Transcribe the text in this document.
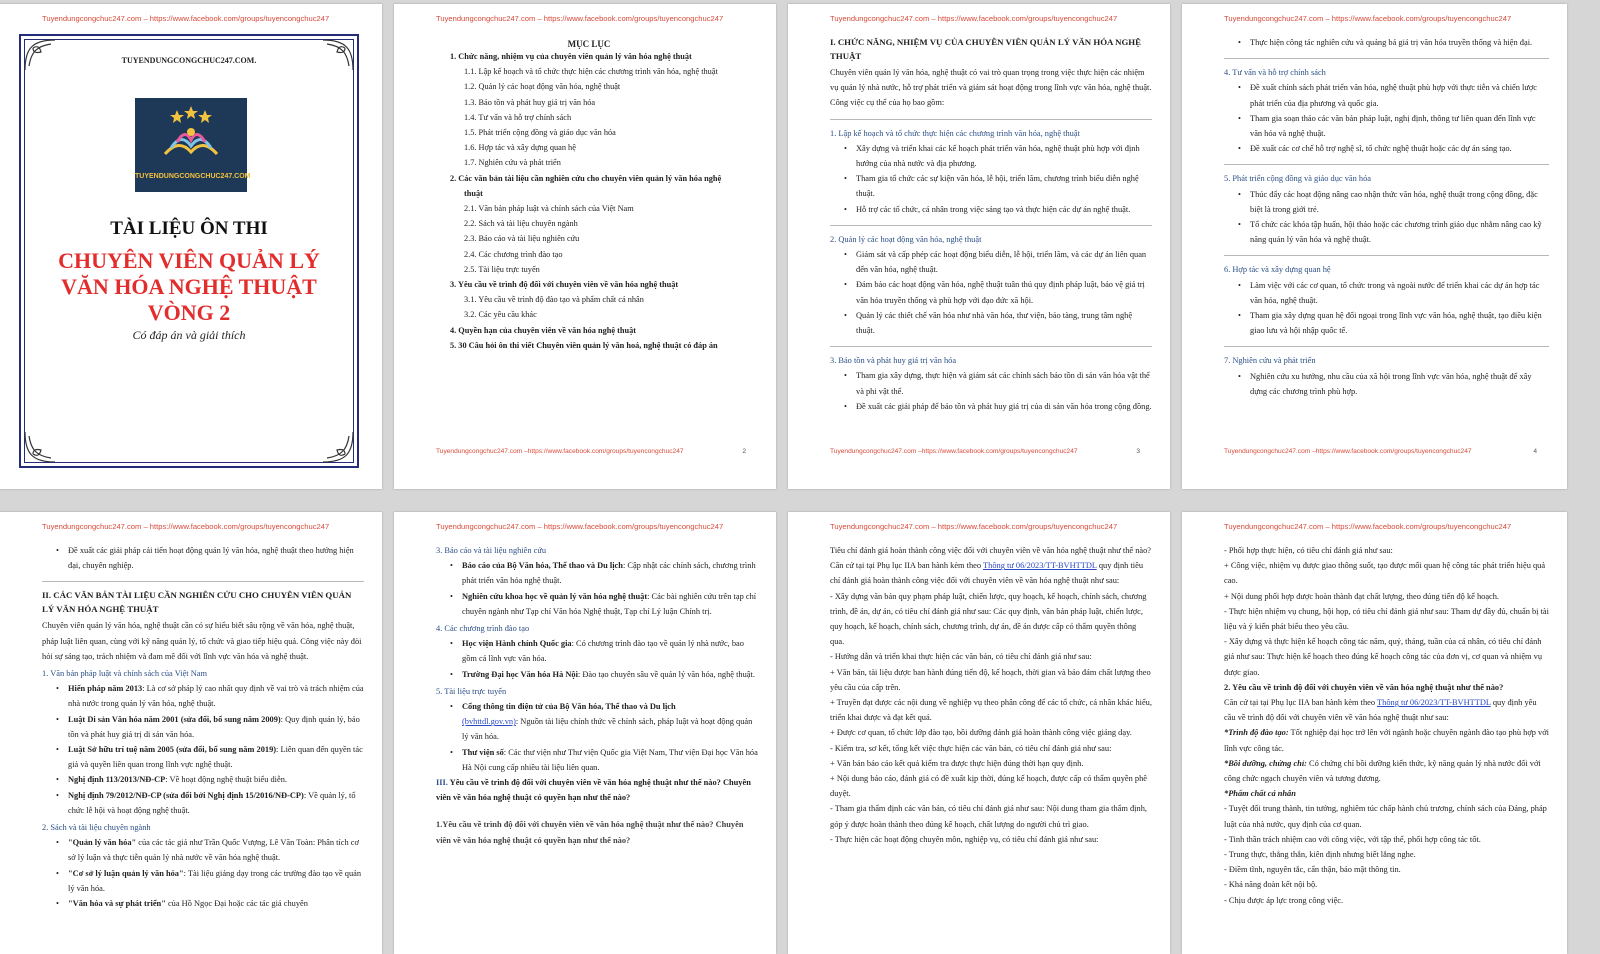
Tuyendungcongchuc247.com – https://www.facebook.com/groups/tuyencongchuc247
TUYENDUNGCONGCHUC247.COM.
TUYENDUNGCONGCHUC247.COM
TÀI LIỆU ÔN THI
CHUYÊN VIÊN QUẢN LÝ
VĂN HÓA NGHỆ THUẬT
VÒNG 2
Có đáp án và giải thích
Tuyendungcongchuc247.com – https://www.facebook.com/groups/tuyencongchuc247
MỤC LỤC
1. Chức năng, nhiệm vụ của chuyên viên quản lý văn hóa nghệ thuật
1.1. Lập kế hoạch và tổ chức thực hiện các chương trình văn hóa, nghệ thuật
1.2. Quản lý các hoạt động văn hóa, nghệ thuật
1.3. Bảo tồn và phát huy giá trị văn hóa
1.4. Tư vấn và hỗ trợ chính sách
1.5. Phát triển cộng đồng và giáo dục văn hóa
1.6. Hợp tác và xây dựng quan hệ
1.7. Nghiên cứu và phát triển
2. Các văn bản tài liệu cần nghiên cứu cho chuyên viên quản lý văn hóa nghệ thuật
2.1. Văn bản pháp luật và chính sách của Việt Nam
2.2. Sách và tài liệu chuyên ngành
2.3. Báo cáo và tài liệu nghiên cứu
2.4. Các chương trình đào tạo
2.5. Tài liệu trực tuyến
3. Yêu cầu về trình độ đối với chuyên viên về văn hóa nghệ thuật
3.1. Yêu cầu về trình độ đào tạo và phẩm chất cá nhân
3.2. Các yêu cầu khác
4. Quyền hạn của chuyên viên về văn hóa nghệ thuật
5. 30 Câu hỏi ôn thi viết Chuyên viên quản lý văn hoá, nghệ thuật có đáp án
Tuyendungcongchuc247.com –https://www.facebook.com/groups/tuyencongchuc247	2
Tuyendungcongchuc247.com – https://www.facebook.com/groups/tuyencongchuc247
I. CHỨC NĂNG, NHIỆM VỤ CỦA CHUYÊN VIÊN QUẢN LÝ VĂN HÓA NGHỆ THUẬT
Chuyên viên quản lý văn hóa, nghệ thuật có vai trò quan trọng trong việc thực hiện các nhiệm vụ quản lý nhà nước, hỗ trợ phát triển và giám sát hoạt động trong lĩnh vực văn hóa, nghệ thuật. Công việc cụ thể của họ bao gồm:
1. Lập kế hoạch và tổ chức thực hiện các chương trình văn hóa, nghệ thuật
• Xây dựng và triển khai các kế hoạch phát triển văn hóa, nghệ thuật phù hợp với định hướng của nhà nước và địa phương.
• Tham gia tổ chức các sự kiện văn hóa, lễ hội, triển lãm, chương trình biểu diễn nghệ thuật.
• Hỗ trợ các tổ chức, cá nhân trong việc sáng tạo và thực hiện các dự án nghệ thuật.
2. Quản lý các hoạt động văn hóa, nghệ thuật
• Giám sát và cấp phép các hoạt động biểu diễn, lễ hội, triển lãm, và các dự án liên quan đến văn hóa, nghệ thuật.
• Đảm bảo các hoạt động văn hóa, nghệ thuật tuân thủ quy định pháp luật, bảo vệ giá trị văn hóa truyền thống và phù hợp với đạo đức xã hội.
• Quản lý các thiết chế văn hóa như nhà văn hóa, thư viện, bảo tàng, trung tâm nghệ thuật.
3. Bảo tồn và phát huy giá trị văn hóa
• Tham gia xây dựng, thực hiện và giám sát các chính sách bảo tồn di sản văn hóa vật thể và phi vật thể.
• Đề xuất các giải pháp để bảo tồn và phát huy giá trị của di sản văn hóa trong cộng đồng.
Tuyendungcongchuc247.com –https://www.facebook.com/groups/tuyencongchuc247	3
Tuyendungcongchuc247.com – https://www.facebook.com/groups/tuyencongchuc247
• Thực hiện công tác nghiên cứu và quảng bá giá trị văn hóa truyền thống và hiện đại.
4. Tư vấn và hỗ trợ chính sách
• Đề xuất chính sách phát triển văn hóa, nghệ thuật phù hợp với thực tiễn và chiến lược phát triển của địa phương và quốc gia.
• Tham gia soạn thảo các văn bản pháp luật, nghị định, thông tư liên quan đến lĩnh vực văn hóa và nghệ thuật.
• Đề xuất các cơ chế hỗ trợ nghệ sĩ, tổ chức nghệ thuật hoặc các dự án sáng tạo.
5. Phát triển cộng đồng và giáo dục văn hóa
• Thúc đẩy các hoạt động nâng cao nhận thức văn hóa, nghệ thuật trong cộng đồng, đặc biệt là trong giới trẻ.
• Tổ chức các khóa tập huấn, hội thảo hoặc các chương trình giáo dục nhằm nâng cao kỹ năng quản lý văn hóa và nghệ thuật.
6. Hợp tác và xây dựng quan hệ
• Làm việc với các cơ quan, tổ chức trong và ngoài nước để triển khai các dự án hợp tác văn hóa, nghệ thuật.
• Tham gia xây dựng quan hệ đối ngoại trong lĩnh vực văn hóa, nghệ thuật, tạo điều kiện giao lưu và hội nhập quốc tế.
7. Nghiên cứu và phát triển
• Nghiên cứu xu hướng, nhu cầu của xã hội trong lĩnh vực văn hóa, nghệ thuật để xây dựng các chương trình phù hợp.
Tuyendungcongchuc247.com –https://www.facebook.com/groups/tuyencongchuc247	4
Tuyendungcongchuc247.com – https://www.facebook.com/groups/tuyencongchuc247
• Đề xuất các giải pháp cải tiến hoạt động quản lý văn hóa, nghệ thuật theo hướng hiện đại, chuyên nghiệp.
II. CÁC VĂN BẢN TÀI LIỆU CẦN NGHIÊN CỨU CHO CHUYÊN VIÊN QUẢN LÝ VĂN HÓA NGHỆ THUẬT
Chuyên viên quản lý văn hóa, nghệ thuật cần có sự hiểu biết sâu rộng về văn hóa, nghệ thuật, pháp luật liên quan, cùng với kỹ năng quản lý, tổ chức và giao tiếp hiệu quả. Công việc này đòi hỏi sự sáng tạo, trách nhiệm và đam mê đối với lĩnh vực văn hóa và nghệ thuật.
1. Văn bản pháp luật và chính sách của Việt Nam
• Hiến pháp năm 2013: Là cơ sở pháp lý cao nhất quy định về vai trò và trách nhiệm của nhà nước trong quản lý văn hóa, nghệ thuật.
• Luật Di sản Văn hóa năm 2001 (sửa đổi, bổ sung năm 2009): Quy định quản lý, bảo tồn và phát huy giá trị di sản văn hóa.
• Luật Sở hữu trí tuệ năm 2005 (sửa đổi, bổ sung năm 2019): Liên quan đến quyền tác giả và quyền liên quan trong lĩnh vực nghệ thuật.
• Nghị định 113/2013/NĐ-CP: Về hoạt động nghệ thuật biểu diễn.
• Nghị định 79/2012/NĐ-CP (sửa đổi bởi Nghị định 15/2016/NĐ-CP): Về quản lý, tổ chức lễ hội và hoạt động nghệ thuật.
2. Sách và tài liệu chuyên ngành
• "Quản lý văn hóa" của các tác giả như Trần Quốc Vượng, Lê Văn Toàn: Phân tích cơ sở lý luận và thực tiễn quản lý nhà nước về văn hóa nghệ thuật.
• "Cơ sở lý luận quản lý văn hóa": Tài liệu giảng dạy trong các trường đào tạo về quản lý văn hóa.
• "Văn hóa và sự phát triển" của Hồ Ngọc Đại hoặc các tác giả chuyên
Tuyendungcongchuc247.com – https://www.facebook.com/groups/tuyencongchuc247
3. Báo cáo và tài liệu nghiên cứu
• Báo cáo của Bộ Văn hóa, Thể thao và Du lịch: Cập nhật các chính sách, chương trình phát triển văn hóa nghệ thuật.
• Nghiên cứu khoa học về quản lý văn hóa nghệ thuật: Các bài nghiên cứu trên tạp chí chuyên ngành như Tạp chí Văn hóa Nghệ thuật, Tạp chí Lý luận Chính trị.
4. Các chương trình đào tạo
• Học viện Hành chính Quốc gia: Có chương trình đào tạo về quản lý nhà nước, bao gồm cả lĩnh vực văn hóa.
• Trường Đại học Văn hóa Hà Nội: Đào tạo chuyên sâu về quản lý văn hóa, nghệ thuật.
5. Tài liệu trực tuyến
• Cổng thông tin điện tử của Bộ Văn hóa, Thể thao và Du lịch
(bvhttdl.gov.vn): Nguồn tài liệu chính thức về chính sách, pháp luật và hoạt động quản lý văn hóa.
• Thư viện số: Các thư viện như Thư viện Quốc gia Việt Nam, Thư viện Đại học Văn hóa Hà Nội cung cấp nhiều tài liệu liên quan.
III. Yêu cầu về trình độ đối với chuyên viên về văn hóa nghệ thuật như thế nào? Chuyên viên về văn hóa nghệ thuật có quyền hạn như thế nào?
1.Yêu cầu về trình độ đối với chuyên viên về văn hóa nghệ thuật như thế nào? Chuyên viên về văn hóa nghệ thuật có quyền hạn như thế nào?
Tuyendungcongchuc247.com – https://www.facebook.com/groups/tuyencongchuc247
Tiêu chí đánh giá hoàn thành công việc đối với chuyên viên về văn hóa nghệ thuật như thế nào?
Căn cứ tại tại Phụ lục IIA ban hành kèm theo Thông tư 06/2023/TT-BVHTTDL quy định tiêu chí đánh giá hoàn thành công việc đối với chuyên viên về văn hóa nghệ thuật như sau:
- Xây dựng văn bản quy phạm pháp luật, chiến lược, quy hoạch, kế hoạch, chính sách, chương trình, đề án, dự án, có tiêu chí đánh giá như sau: Các quy định, văn bản pháp luật, chiến lược, quy hoạch, kế hoạch, chính sách, chương trình, dự án, đề án được cấp có thẩm quyền thông qua.
- Hướng dẫn và triển khai thực hiện các văn bản, có tiêu chí đánh giá như sau:
+ Văn bản, tài liệu được ban hành đúng tiến độ, kế hoạch, thời gian và bảo đảm chất lượng theo yêu cầu của cấp trên.
+ Truyền đạt được các nội dung về nghiệp vụ theo phân công để các tổ chức, cá nhân khác hiểu, triển khai được và đạt kết quả.
+ Được cơ quan, tổ chức lớp đào tạo, bồi dưỡng đánh giá hoàn thành công việc giảng dạy.
- Kiểm tra, sơ kết, tổng kết việc thực hiện các văn bản, có tiêu chí đánh giá như sau:
+ Văn bản báo cáo kết quả kiểm tra được thực hiện đúng thời hạn quy định.
+ Nội dung báo cáo, đánh giá có đề xuất kịp thời, đúng kế hoạch, được cấp có thẩm quyền phê duyệt.
- Tham gia thẩm định các văn bản, có tiêu chí đánh giá như sau: Nội dung tham gia thẩm định, góp ý được hoàn thành theo đúng kế hoạch, chất lượng do người chủ trì giao.
- Thực hiện các hoạt động chuyên môn, nghiệp vụ, có tiêu chí đánh giá như sau:
Tuyendungcongchuc247.com – https://www.facebook.com/groups/tuyencongchuc247
- Phối hợp thực hiện, có tiêu chí đánh giá như sau:
+ Công việc, nhiệm vụ được giao thông suốt, tạo được mối quan hệ công tác phát triển hiệu quả cao.
+ Nội dung phối hợp được hoàn thành đạt chất lượng, theo đúng tiến độ kế hoạch.
- Thực hiện nhiệm vụ chung, hội họp, có tiêu chí đánh giá như sau: Tham dự đầy đủ, chuẩn bị tài liệu và ý kiến phát biểu theo yêu cầu.
- Xây dựng và thực hiện kế hoạch công tác năm, quý, tháng, tuần của cá nhân, có tiêu chí đánh giá như sau: Thực hiện kế hoạch theo đúng kế hoạch công tác của đơn vị, cơ quan và nhiệm vụ được giao.
2. Yêu cầu về trình độ đối với chuyên viên về văn hóa nghệ thuật như thế nào?
Căn cứ tại tại Phụ lục IIA ban hành kèm theo Thông tư 06/2023/TT-BVHTTDL quy định yêu cầu về trình độ đối với chuyên viên về văn hóa nghệ thuật như sau:
*Trình độ đào tạo: Tốt nghiệp đại học trở lên với ngành hoặc chuyên ngành đào tạo phù hợp với lĩnh vực công tác.
*Bồi dưỡng, chứng chỉ: Có chứng chỉ bồi dưỡng kiến thức, kỹ năng quản lý nhà nước đối với công chức ngạch chuyên viên và tương đương.
*Phẩm chất cá nhân
- Tuyệt đối trung thành, tin tưởng, nghiêm túc chấp hành chủ trương, chính sách của Đảng, pháp luật của nhà nước, quy định của cơ quan.
- Tinh thần trách nhiệm cao với công việc, với tập thể, phối hợp công tác tốt.
- Trung thực, thẳng thắn, kiên định nhưng biết lắng nghe.
- Điềm tĩnh, nguyên tắc, cẩn thận, bảo mật thông tin.
- Khả năng đoàn kết nội bộ.
- Chịu được áp lực trong công việc.
